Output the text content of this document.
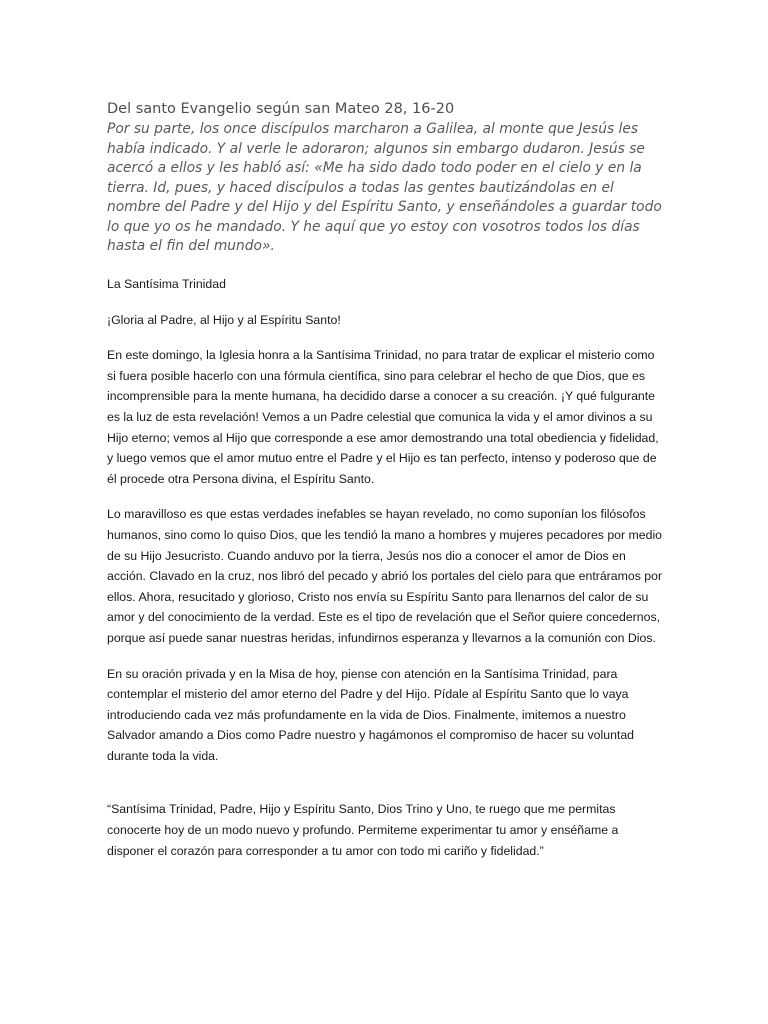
Del santo Evangelio según san Mateo 28, 16-20

Por su parte, los once discípulos marcharon a Galilea, al monte que Jesús les había indicado. Y al verle le adoraron; algunos sin embargo dudaron. Jesús se acercó a ellos y les habló así: «Me ha sido dado todo poder en el cielo y en la tierra. Id, pues, y haced discípulos a todas las gentes bautizándolas en el nombre del Padre y del Hijo y del Espíritu Santo, y enseñándoles a guardar todo lo que yo os he mandado. Y he aquí que yo estoy con vosotros todos los días hasta el fin del mundo».

La Santísima Trinidad

¡Gloria al Padre, al Hijo y al Espíritu Santo!

En este domingo, la Iglesia honra a la Santísima Trinidad, no para tratar de explicar el misterio como si fuera posible hacerlo con una fórmula científica, sino para celebrar el hecho de que Dios, que es incomprensible para la mente humana, ha decidido darse a conocer a su creación. ¡Y qué fulgurante es la luz de esta revelación! Vemos a un Padre celestial que comunica la vida y el amor divinos a su Hijo eterno; vemos al Hijo que corresponde a ese amor demostrando una total obediencia y fidelidad, y luego vemos que el amor mutuo entre el Padre y el Hijo es tan perfecto, intenso y poderoso que de él procede otra Persona divina, el Espíritu Santo.

Lo maravilloso es que estas verdades inefables se hayan revelado, no como suponían los filósofos humanos, sino como lo quiso Dios, que les tendió la mano a hombres y mujeres pecadores por medio de su Hijo Jesucristo. Cuando anduvo por la tierra, Jesús nos dio a conocer el amor de Dios en acción. Clavado en la cruz, nos libró del pecado y abrió los portales del cielo para que entráramos por ellos. Ahora, resucitado y glorioso, Cristo nos envía su Espíritu Santo para llenarnos del calor de su amor y del conocimiento de la verdad. Este es el tipo de revelación que el Señor quiere concedernos, porque así puede sanar nuestras heridas, infundirnos esperanza y llevarnos a la comunión con Dios.

En su oración privada y en la Misa de hoy, piense con atención en la Santísima Trinidad, para contemplar el misterio del amor eterno del Padre y del Hijo. Pídale al Espíritu Santo que lo vaya introduciendo cada vez más profundamente en la vida de Dios. Finalmente, imitemos a nuestro Salvador amando a Dios como Padre nuestro y hagámonos el compromiso de hacer su voluntad durante toda la vida.

“Santísima Trinidad, Padre, Hijo y Espíritu Santo, Dios Trino y Uno, te ruego que me permitas conocerte hoy de un modo nuevo y profundo. Permiteme experimentar tu amor y enséñame a disponer el corazón para corresponder a tu amor con todo mi cariño y fidelidad.”
